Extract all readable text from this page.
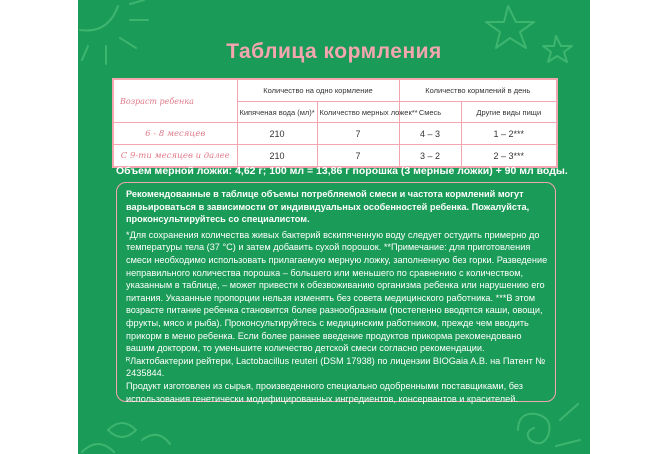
Таблица кормления
Возраст ребенка	Количество на одно кормление		Количество кормлений в день	
	Кипяченая вода (мл)*	Количество мерных ложек**	Смесь	Другие виды пищи
6 - 8 месяцев	210	7	4 – 3	1 – 2***
С 9-ти месяцев и далее	210	7	3 – 2	2 – 3***
Объем мерной ложки: 4,62 г; 100 мл = 13,86 г порошка (3 мерные ложки) + 90 мл воды.

Рекомендованные в таблице объемы потребляемой смеси и частота кормлений могут варьироваться в зависимости от индивидуальных особенностей ребенка. Пожалуйста, проконсультируйтесь со специалистом.

*Для сохранения количества живых бактерий вскипяченную воду следует остудить примерно до температуры тела (37 °С) и затем добавить сухой порошок. **Примечание: для приготовления смеси необходимо использовать прилагаемую мерную ложку, заполненную без горки. Разведение неправильного количества порошка – большего или меньшего по сравнению с количеством, указанным в таблице, – может привести к обезвоживанию организма ребенка или нарушению его питания. Указанные пропорции нельзя изменять без совета медицинского работника. ***В этом возрасте питание ребенка становится более разнообразным (постепенно вводятся каши, овощи, фрукты, мясо и рыба). Проконсультируйтесь с медицинским работником, прежде чем вводить прикорм в меню ребенка. Если более раннее введение продуктов прикорма рекомендовано вашим доктором, то уменьшите количество детской смеси согласно рекомендации.

ᴿЛактобактерии рейтери, Lactobacillus reuteri (DSM 17938) по лицензии BIOGaia A.B. на Патент № 2435844.

Продукт изготовлен из сырья, произведенного специально одобренными поставщиками, без использования генетически модифицированных ингредиентов, консервантов и красителей.
